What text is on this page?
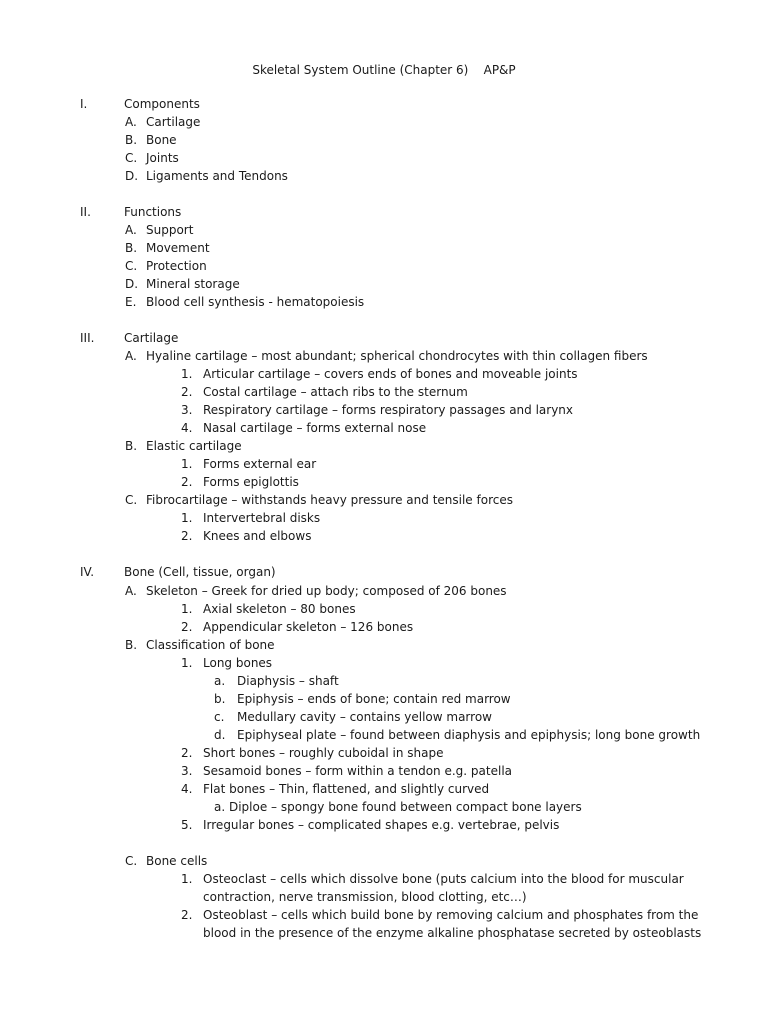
Skeletal System Outline (Chapter 6)    AP&P
I.	Components
A. Cartilage
B. Bone
C. Joints
D. Ligaments and Tendons
II.	Functions
A. Support
B. Movement
C. Protection
D. Mineral storage
E. Blood cell synthesis - hematopoiesis
III. Cartilage
A. Hyaline cartilage – most abundant; spherical chondrocytes with thin collagen fibers
1. Articular cartilage – covers ends of bones and moveable joints
2. Costal cartilage – attach ribs to the sternum
3. Respiratory cartilage – forms respiratory passages and larynx
4. Nasal cartilage – forms external nose
B. Elastic cartilage
1. Forms external ear
2. Forms epiglottis
C. Fibrocartilage – withstands heavy pressure and tensile forces
1. Intervertebral disks
2. Knees and elbows
IV. Bone (Cell, tissue, organ)
A. Skeleton – Greek for dried up body; composed of 206 bones
1. Axial skeleton – 80 bones
2. Appendicular skeleton – 126 bones
B. Classification of bone
1. Long bones
a. Diaphysis – shaft
b. Epiphysis – ends of bone; contain red marrow
c. Medullary cavity – contains yellow marrow
d. Epiphyseal plate – found between diaphysis and epiphysis; long bone growth
2. Short bones – roughly cuboidal in shape
3. Sesamoid bones – form within a tendon e.g. patella
4. Flat bones – Thin, flattened, and slightly curved
a. Diploe – spongy bone found between compact bone layers
5. Irregular bones – complicated shapes e.g. vertebrae, pelvis
C. Bone cells
1. Osteoclast – cells which dissolve bone (puts calcium into the blood for muscular
contraction, nerve transmission, blood clotting, etc…)
2. Osteoblast – cells which build bone by removing calcium and phosphates from the
blood in the presence of the enzyme alkaline phosphatase secreted by osteoblasts
